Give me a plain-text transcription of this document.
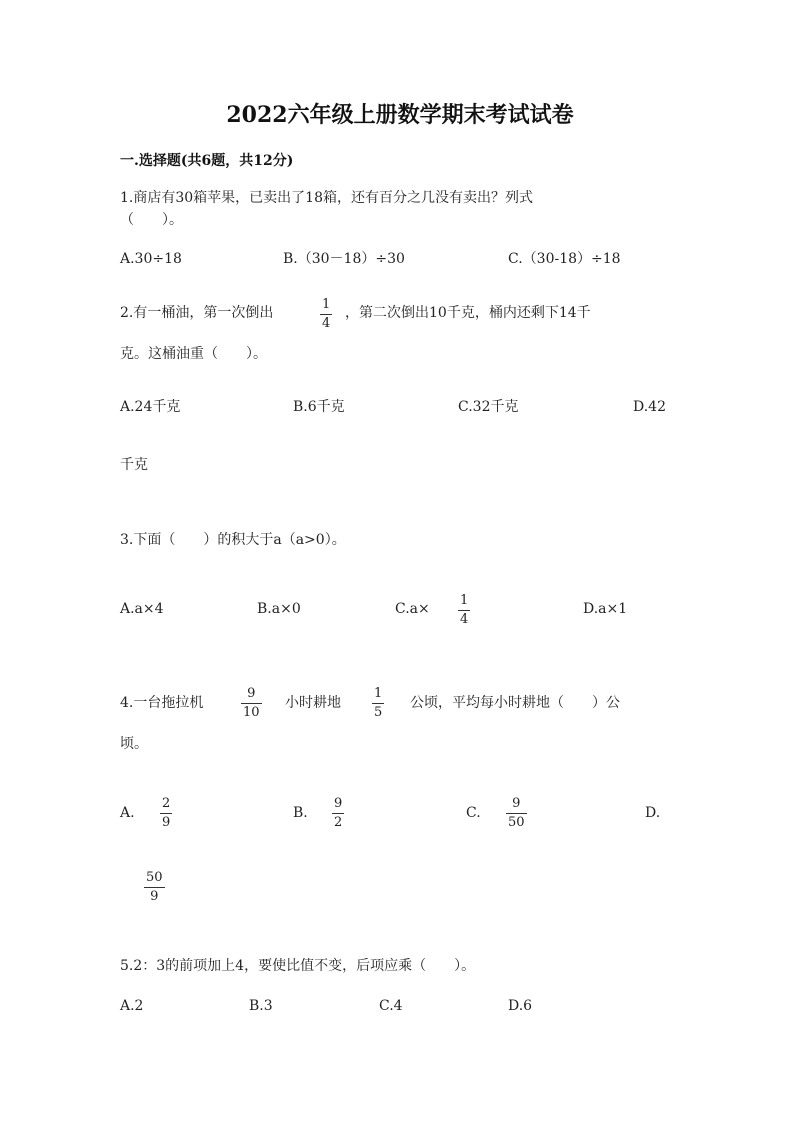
2022六年级上册数学期末考试试卷
一.选择题(共6题，共12分)
1.商店有30箱苹果，已卖出了18箱，还有百分之几没有卖出？列式
（　　）。
A.30÷18	B.（30－18）÷30	C.（30-18）÷18
2.有一桶油，第一次倒出
1
4
，第二次倒出10千克，桶内还剩下14千
克。这桶油重（　　）。
A.24千克	B.6千克	C.32千克	D.42
千克
3.下面（　　）的积大于a（a>0）。
A.a×4	B.a×0	C.a×
1
4
D.a×1
4.一台拖拉机
9
10
小时耕地
1
5
公顷，平均每小时耕地（　　）公
顷。
A.
2
9
B.
9
2
C.
9
50
D.
50
9
5.2：3的前项加上4，要使比值不变，后项应乘（　　）。
A.2	B.3	C.4	D.6
